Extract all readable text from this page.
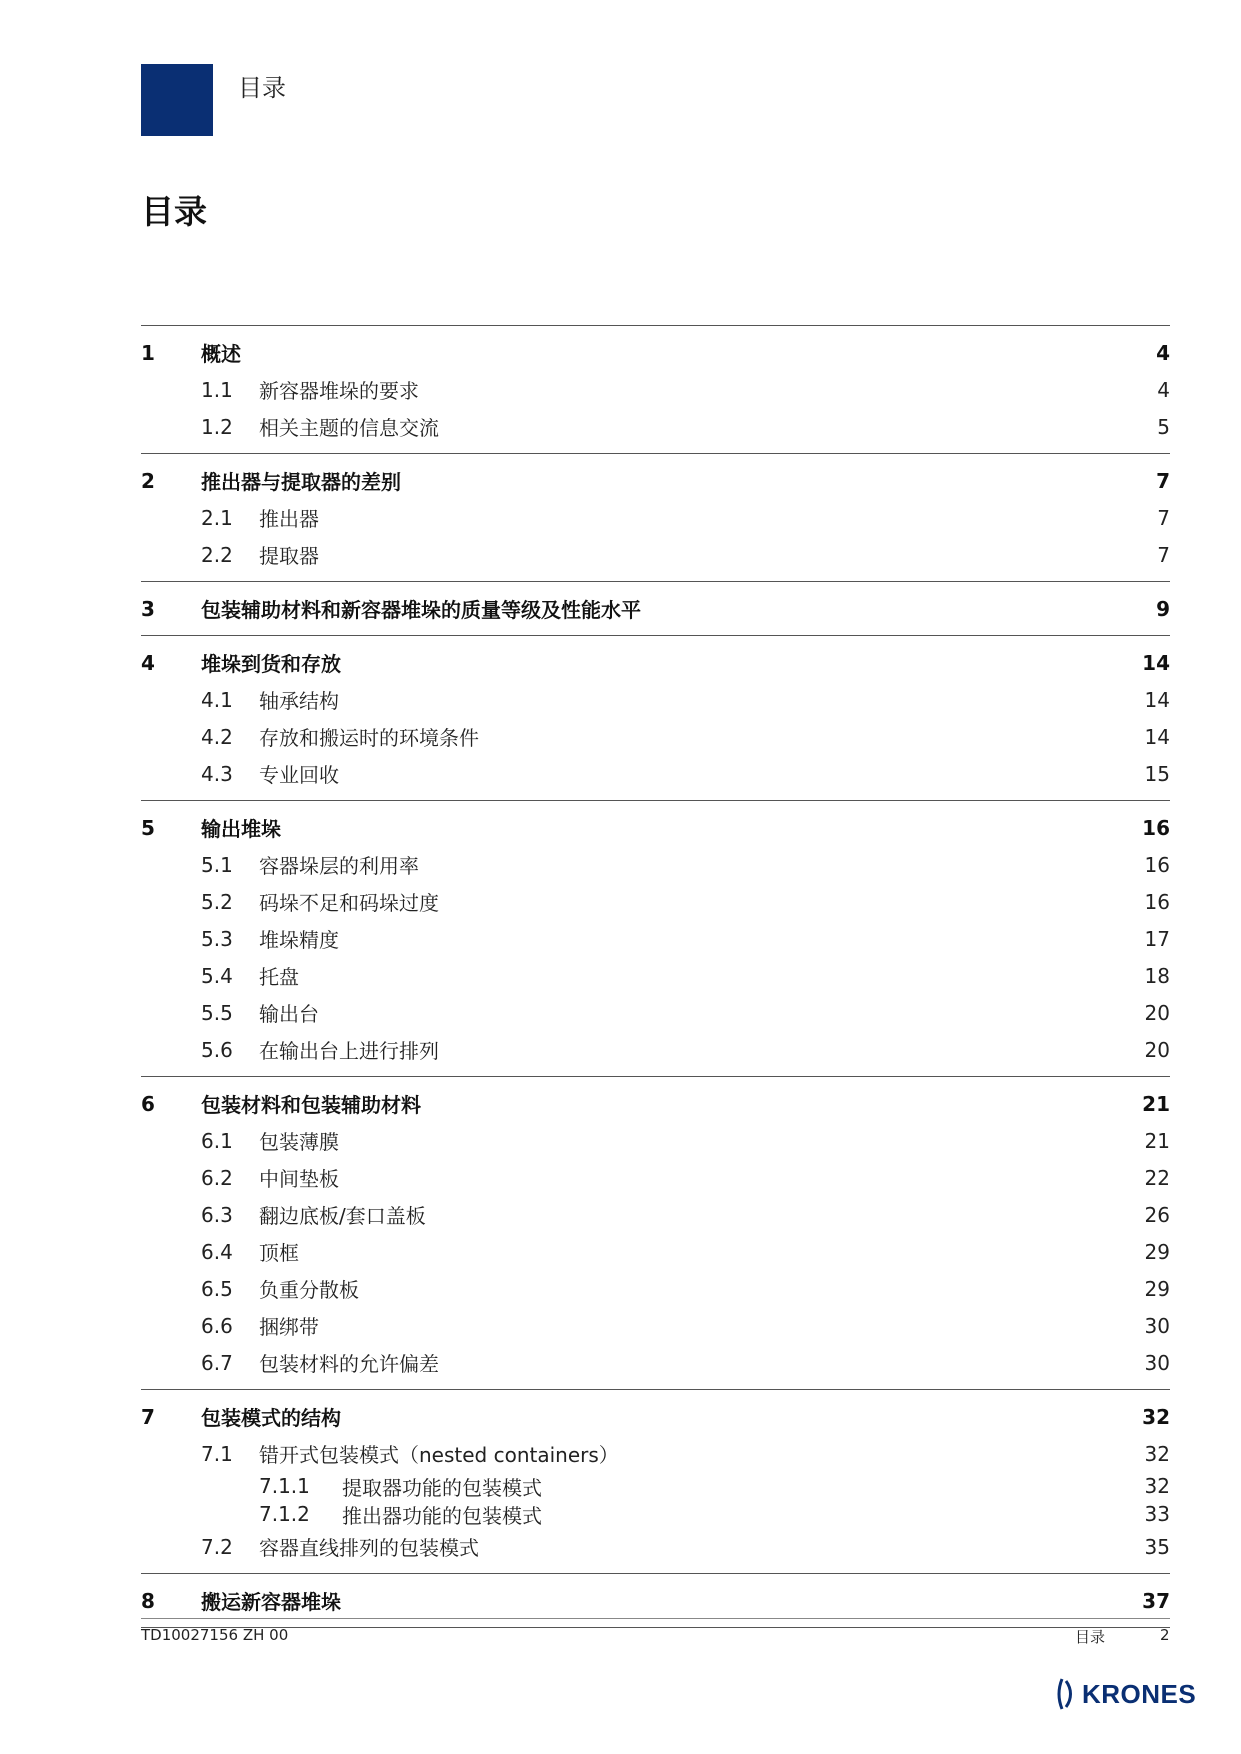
目录
目录
1	概述	4
1.1	新容器堆垛的要求	4
1.2	相关主题的信息交流	5
2	推出器与提取器的差别	7
2.1	推出器	7
2.2	提取器	7
3	包装辅助材料和新容器堆垛的质量等级及性能水平	9
4	堆垛到货和存放	14
4.1	轴承结构	14
4.2	存放和搬运时的环境条件	14
4.3	专业回收	15
5	输出堆垛	16
5.1	容器垛层的利用率	16
5.2	码垛不足和码垛过度	16
5.3	堆垛精度	17
5.4	托盘	18
5.5	输出台	20
5.6	在输出台上进行排列	20
6	包装材料和包装辅助材料	21
6.1	包装薄膜	21
6.2	中间垫板	22
6.3	翻边底板/套口盖板	26
6.4	顶框	29
6.5	负重分散板	29
6.6	捆绑带	30
6.7	包装材料的允许偏差	30
7	包装模式的结构	32
7.1	错开式包装模式（nested containers）	32
7.1.1	提取器功能的包装模式	32
7.1.2	推出器功能的包装模式	33
7.2	容器直线排列的包装模式	35
8	搬运新容器堆垛	37
TD10027156 ZH 00	目录	2
KRONES
